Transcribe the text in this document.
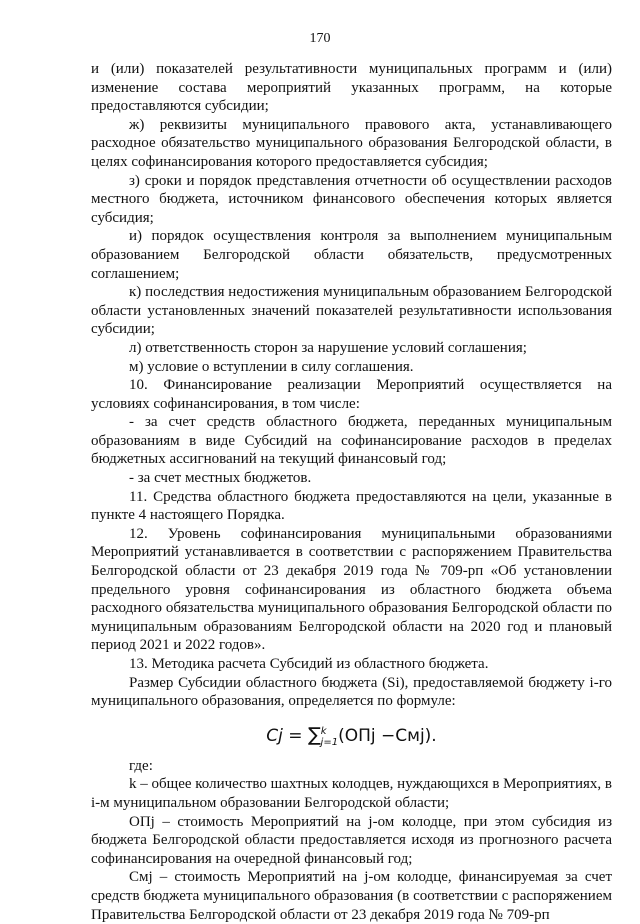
170

и (или) показателей результативности муниципальных программ и (или) изменение состава мероприятий указанных программ, на которые предоставляются субсидии;

ж) реквизиты муниципального правового акта, устанавливающего расходное обязательство муниципального образования Белгородской области, в целях софинансирования которого предоставляется субсидия;

з) сроки и порядок представления отчетности об осуществлении расходов местного бюджета, источником финансового обеспечения которых является субсидия;

и) порядок осуществления контроля за выполнением муниципальным образованием Белгородской области обязательств, предусмотренных соглашением;

к) последствия недостижения муниципальным образованием Белгородской области установленных значений показателей результативности использования субсидии;

л) ответственность сторон за нарушение условий соглашения;

м) условие о вступлении в силу соглашения.

10. Финансирование реализации Мероприятий осуществляется на условиях софинансирования, в том числе:

- за счет средств областного бюджета, переданных муниципальным образованиям в виде Субсидий на софинансирование расходов в пределах бюджетных ассигнований на текущий финансовый год;

- за счет местных бюджетов.

11. Средства областного бюджета предоставляются на цели, указанные в пункте 4 настоящего Порядка.

12. Уровень софинансирования муниципальными образованиями Мероприятий устанавливается в соответствии с распоряжением Правительства Белгородской области от 23 декабря 2019 года № 709-рп «Об установлении предельного уровня софинансирования из областного бюджета объема расходного обязательства муниципального образования Белгородской области по муниципальным образованиям Белгородской области на 2020 год и плановый период 2021 и 2022 годов».

13. Методика расчета Субсидий из областного бюджета.

Размер Субсидии областного бюджета (Si), предоставляемой бюджету i-го муниципального образования, определяется по формуле:

Cj = ∑$^k_{j=1}$(ОПj −Смj).

где:

k – общее количество шахтных колодцев, нуждающихся в Мероприятиях, в i-м муниципальном образовании Белгородской области;

ОПj – стоимость Мероприятий на j-ом колодце, при этом субсидия из бюджета Белгородской области предоставляется исходя из прогнозного расчета софинансирования на очередной финансовый год;

Смj – стоимость Мероприятий на j-ом колодце, финансируемая за счет средств бюджета муниципального образования (в соответствии с распоряжением Правительства Белгородской области от 23 декабря 2019 года № 709-рп
